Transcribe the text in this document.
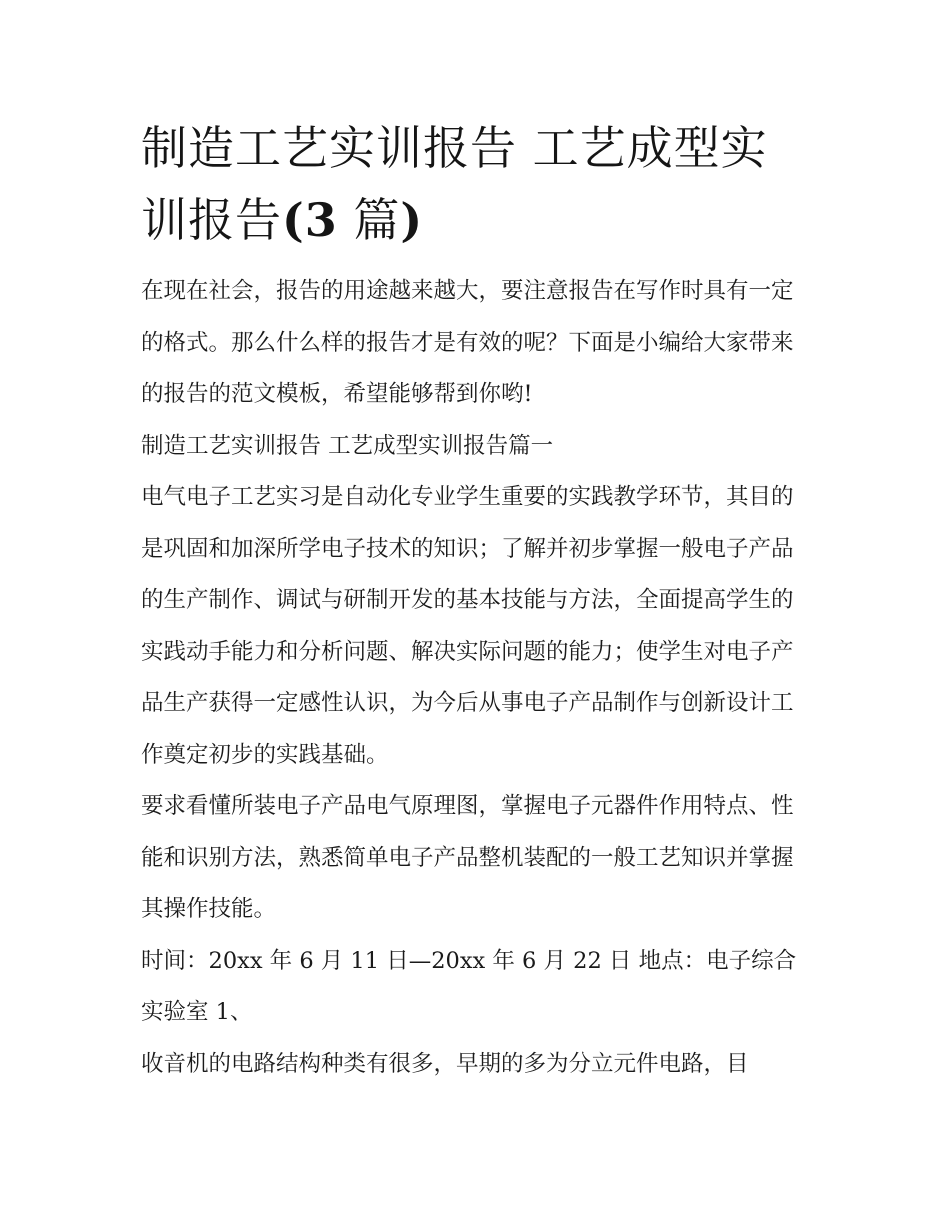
制造工艺实训报告 工艺成型实训报告(3 篇)

在现在社会，报告的用途越来越大，要注意报告在写作时具有一定的格式。那么什么样的报告才是有效的呢？下面是小编给大家带来的报告的范文模板，希望能够帮到你哟!

制造工艺实训报告 工艺成型实训报告篇一

电气电子工艺实习是自动化专业学生重要的实践教学环节，其目的是巩固和加深所学电子技术的知识；了解并初步掌握一般电子产品的生产制作、调试与研制开发的基本技能与方法，全面提高学生的实践动手能力和分析问题、解决实际问题的能力；使学生对电子产品生产获得一定感性认识，为今后从事电子产品制作与创新设计工作奠定初步的实践基础。

要求看懂所装电子产品电气原理图，掌握电子元器件作用特点、性能和识别方法，熟悉简单电子产品整机装配的一般工艺知识并掌握其操作技能。

时间：20xx 年 6 月 11 日—20xx 年 6 月 22 日 地点：电子综合实验室 1、

收音机的电路结构种类有很多，早期的多为分立元件电路，目
